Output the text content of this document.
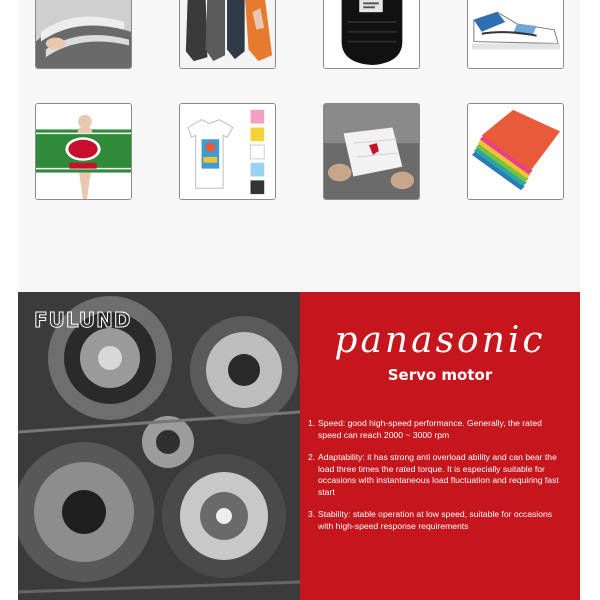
FULUND	panasonic
Servo motor
1. Speed: good high-speed performance. Generally, the rated speed can reach 2000 ~ 3000 rpm
2. Adaptability: it has strong anti overload ability and can bear the load three times the rated torque. It is especially suitable for occasions with instantaneous load fluctuation and requiring fast start
3. Stability: stable operation at low speed, suitable for occasions with high-speed response requirements
